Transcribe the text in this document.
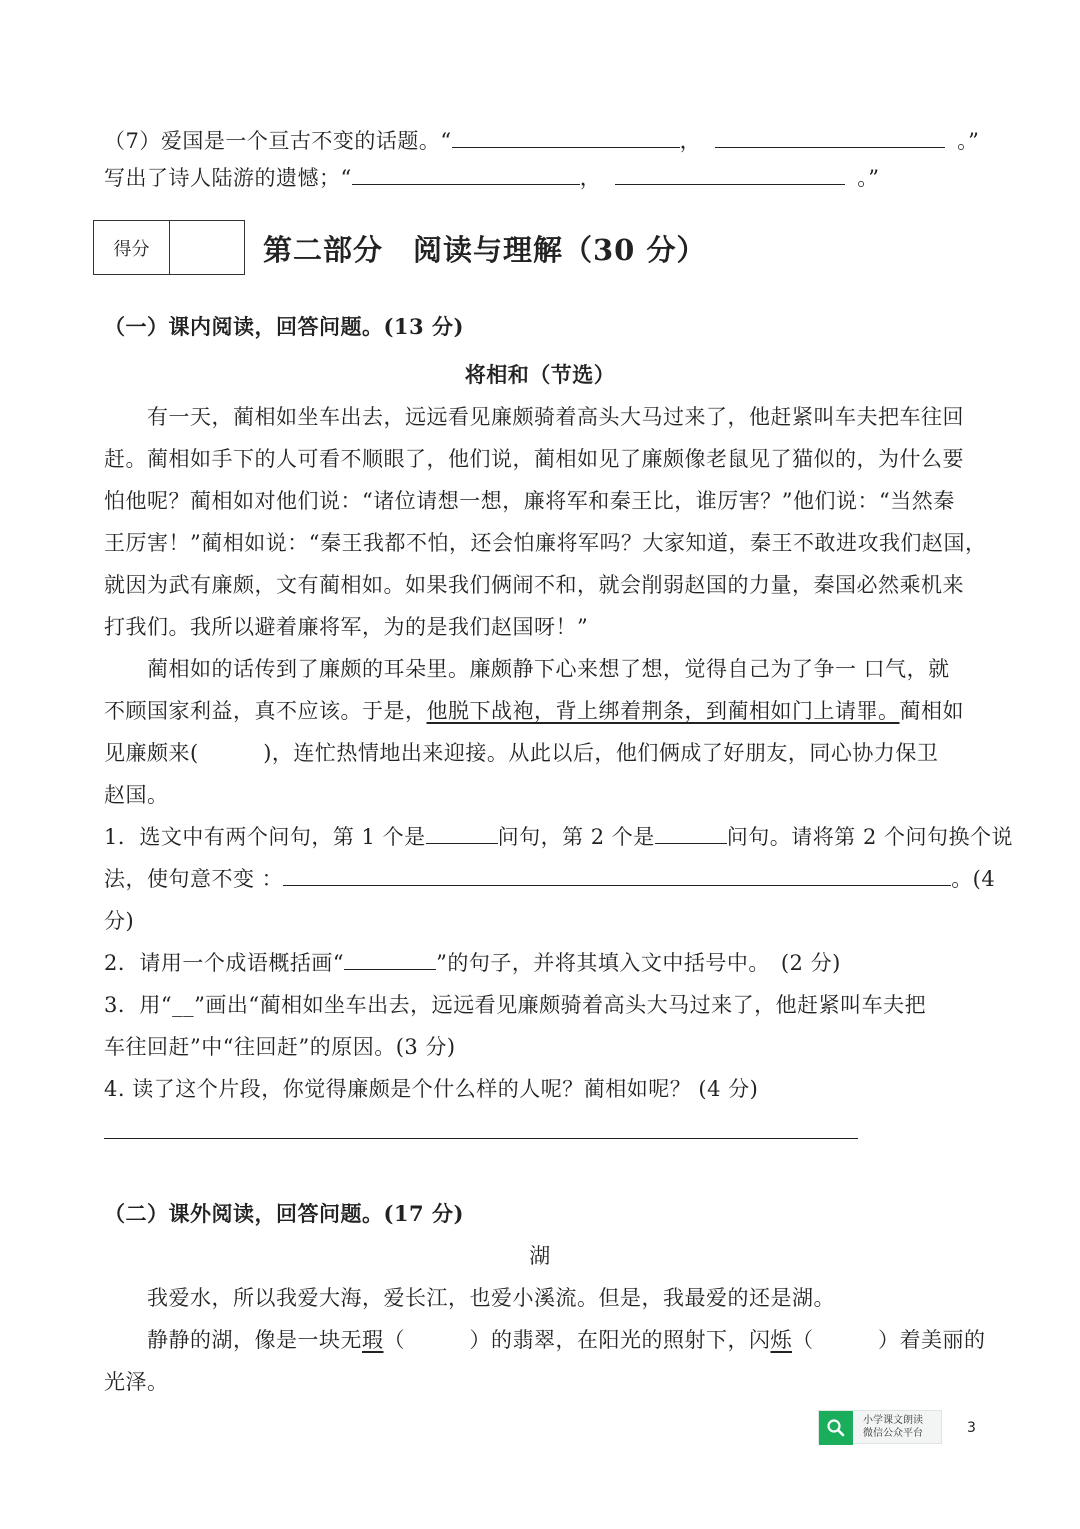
（7）爱国是一个亘古不变的话题。“	，	。”
写出了诗人陆游的遗憾；“	，	。”
得分	第二部分　阅读与理解（30 分）
（一）课内阅读，回答问题。(13 分)
将相和（节选）
有一天，蔺相如坐车出去，远远看见廉颇骑着高头大马过来了，他赶紧叫车夫把车往回
赶。蔺相如手下的人可看不顺眼了，他们说，蔺相如见了廉颇像老鼠见了猫似的，为什么要
怕他呢？蔺相如对他们说：“诸位请想一想，廉将军和秦王比，谁厉害？”他们说：“当然秦
王厉害！”蔺相如说：“秦王我都不怕，还会怕廉将军吗？大家知道，秦王不敢进攻我们赵国，
就因为武有廉颇，文有蔺相如。如果我们俩闹不和，就会削弱赵国的力量，秦国必然乘机来
打我们。我所以避着廉将军，为的是我们赵国呀！”
蔺相如的话传到了廉颇的耳朵里。廉颇静下心来想了想，觉得自己为了争一 口气，就
不顾国家利益，真不应该。于是，他脱下战袍，背上绑着荆条，到蔺相如门上请罪。蔺相如
见廉颇来(　　　)，连忙热情地出来迎接。从此以后，他们俩成了好朋友，同心协力保卫
赵国。
1．选文中有两个问句，第 1 个是	问句，第 2 个是	问句。请将第 2 个问句换个说
法，使句意不变 ：	。(4
分)
2．请用一个成语概括画“	”的句子，并将其填入文中括号中。　(2 分)
3．用“__”画出“蔺相如坐车出去，远远看见廉颇骑着高头大马过来了，他赶紧叫车夫把
车往回赶”中“往回赶”的原因。(3 分)
4. 读了这个片段，你觉得廉颇是个什么样的人呢？蔺相如呢？ (4 分)
（二）课外阅读，回答问题。(17 分)
湖
我爱水，所以我爱大海，爱长江，也爱小溪流。但是，我最爱的还是湖。
静静的湖，像是一块无瑕（　　　）的翡翠，在阳光的照射下，闪烁（　　　）着美丽的
光泽。
小学课文朗读
微信公众平台	3
